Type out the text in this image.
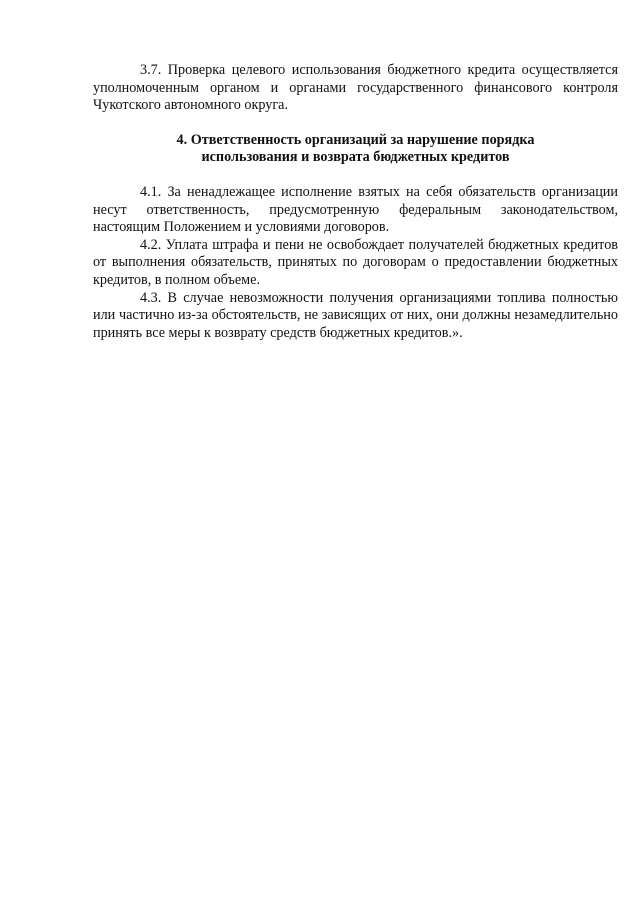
3.7. Проверка целевого использования бюджетного кредита осуществляется уполномоченным органом и органами государственного финансового контроля Чукотского автономного округа.

4. Ответственность организаций за нарушение порядка
использования и возврата бюджетных кредитов

4.1. За ненадлежащее исполнение взятых на себя обязательств организации несут ответственность, предусмотренную федеральным законодательством, настоящим Положением и условиями договоров.

4.2. Уплата штрафа и пени не освобождает получателей бюджетных кредитов от выполнения обязательств, принятых по договорам о предоставлении бюджетных кредитов, в полном объеме.

4.3. В случае невозможности получения организациями топлива полностью или частично из-за обстоятельств, не зависящих от них, они должны незамедлительно принять все меры к возврату средств бюджетных кредитов.».
